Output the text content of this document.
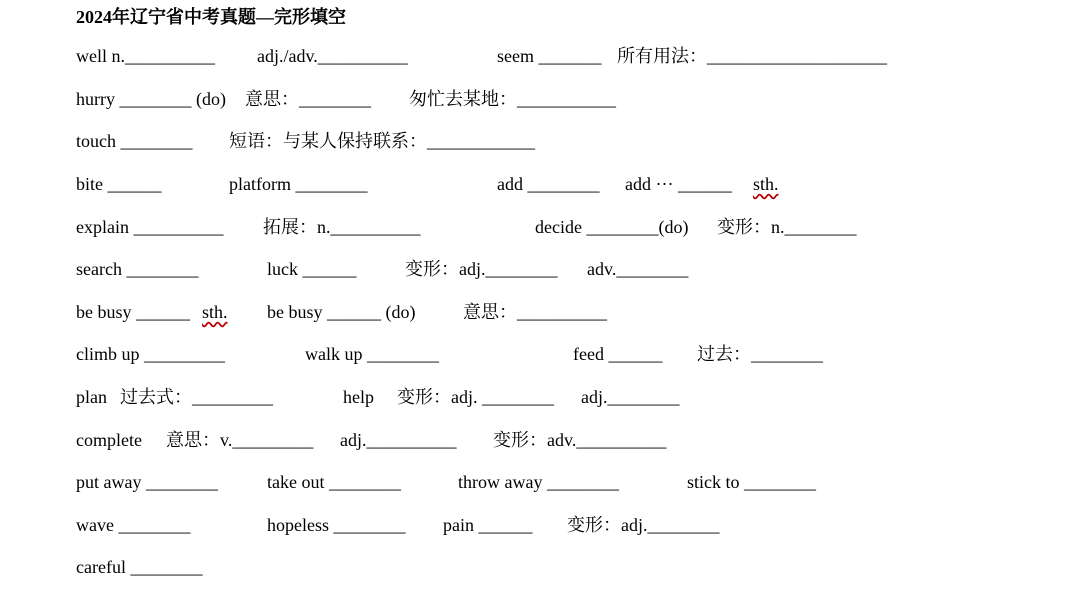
2024年辽宁省中考真题—完形填空
well n.__________ adj./adv.__________	seem _______ 所有用法：____________________
hurry ________ (do) 意思：________ 匆忙去某地：___________
touch ________ 短语：与某人保持联系：____________
bite ______	platform ________	add ________ add ··· ______ sth.
explain __________ 拓展：n.__________	decide ________(do) 变形：n.________
search ________	luck ______	变形：adj.________ adv.________
be busy ______ sth. be busy ______ (do)	意思：__________
climb up _________	walk up ________	feed ______ 过去：________
plan 过去式：_________	help 变形：adj. ________ adj.________
complete 意思：v._________ adj.__________ 变形：adv.__________
put away ________	take out ________	throw away ________	stick to ________
wave ________	hopeless ________ pain ______ 变形：adj.________
careful ________
